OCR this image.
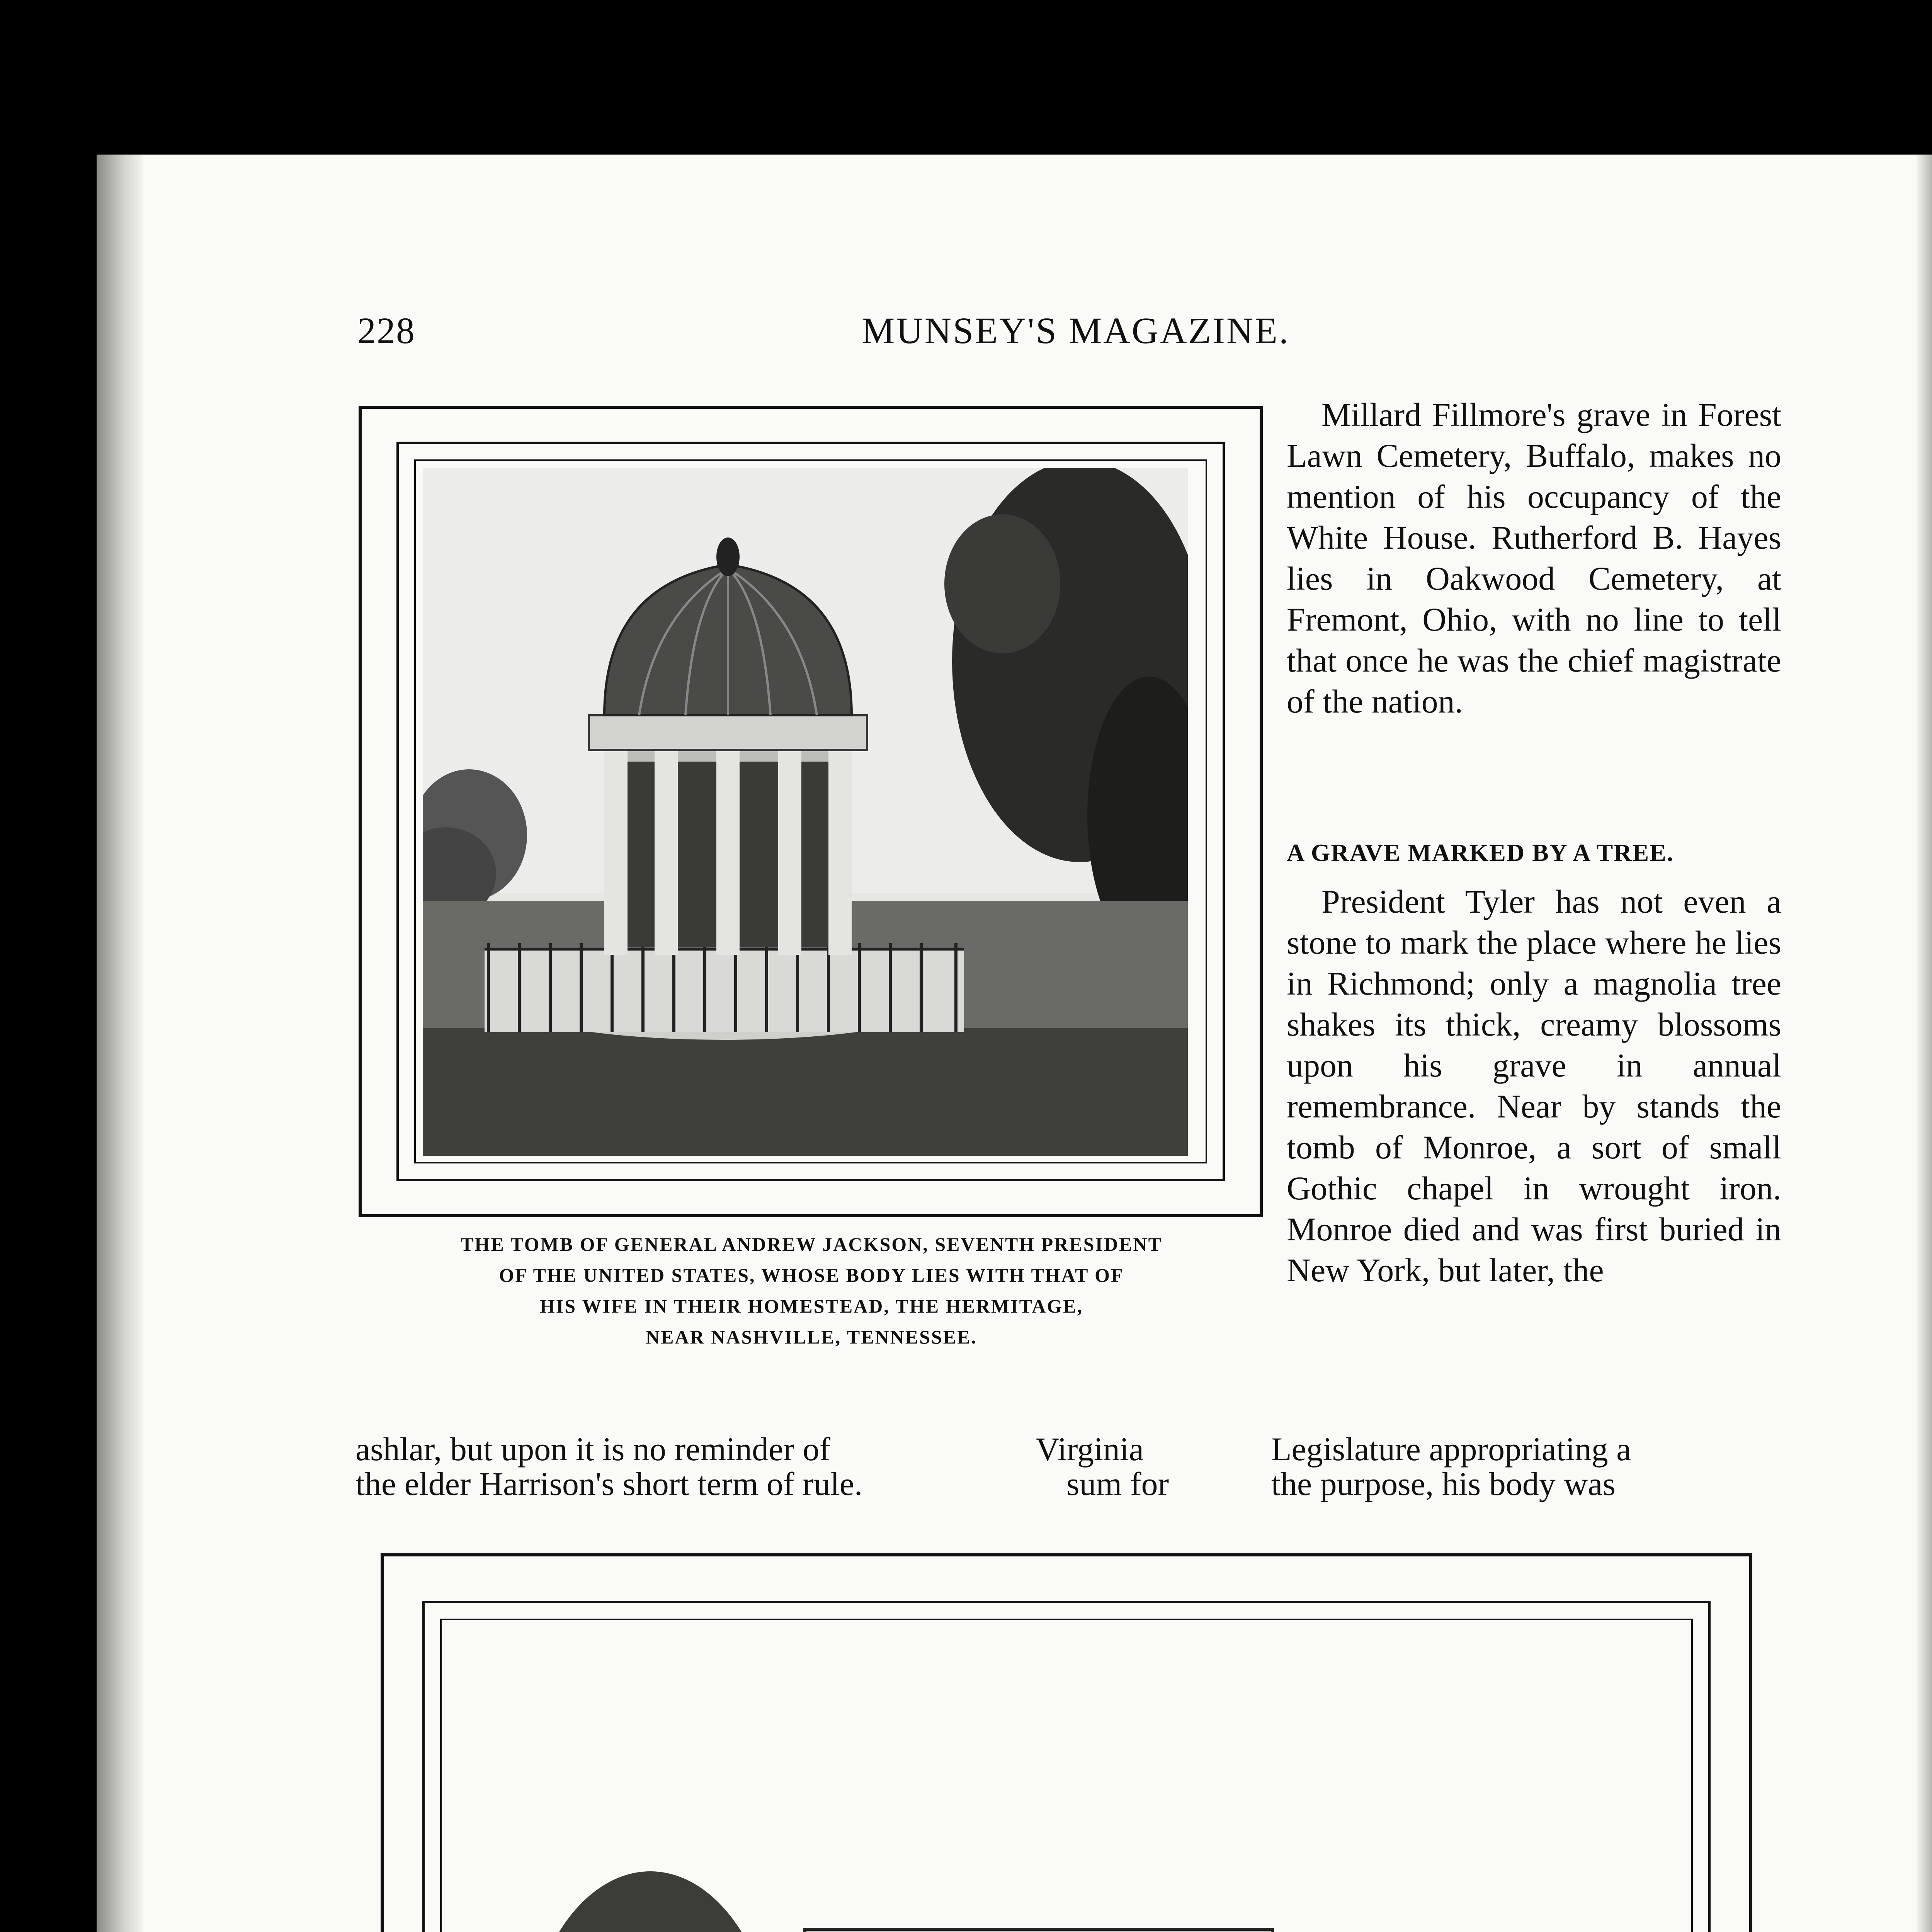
228	MUNSEY'S MAGAZINE.
THE TOMB OF GENERAL ANDREW JACKSON, SEVENTH PRESIDENT
OF THE UNITED STATES, WHOSE BODY LIES WITH THAT OF
HIS WIFE IN THEIR HOMESTEAD, THE HERMITAGE,
NEAR NASHVILLE, TENNESSEE.

Millard Fillmore's grave in Forest Lawn Cemetery, Buffalo, makes no mention of his occupancy of the White House. Rutherford B. Hayes lies in Oakwood Cemetery, at Fremont, Ohio, with no line to tell that once he was the chief magistrate of the nation.

A GRAVE MARKED BY A TREE.

President Tyler has not even a stone to mark the place where he lies in Richmond; only a magnolia tree shakes its thick, creamy blossoms upon his grave in annual remembrance. Near by stands the tomb of Monroe, a sort of small Gothic chapel in wrought iron. Monroe died and was first buried in New York, but later, the

ashlar, but upon it is no reminder of	Virginia	Legislature appropriating a
the elder Harrison's short term of rule.	sum for	the purpose, his body was
